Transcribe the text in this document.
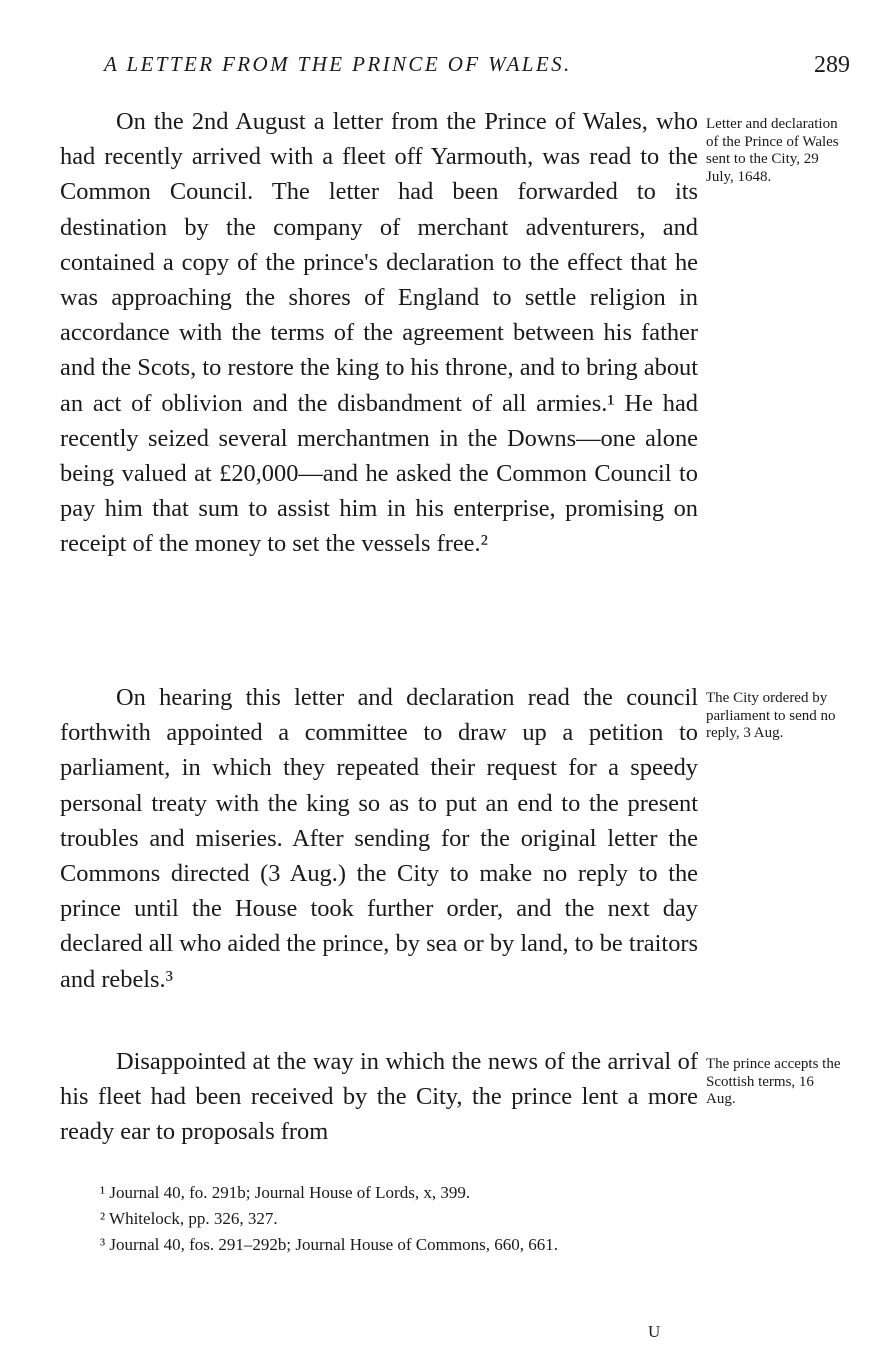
A LETTER FROM THE PRINCE OF WALES.	289

On the 2nd August a letter from the Prince of Wales, who had recently arrived with a fleet off Yarmouth, was read to the Common Council. The letter had been forwarded to its destination by the company of merchant adventurers, and contained a copy of the prince's declaration to the effect that he was approaching the shores of England to settle religion in accordance with the terms of the agreement between his father and the Scots, to restore the king to his throne, and to bring about an act of oblivion and the disbandment of all armies.¹ He had recently seized several merchantmen in the Downs—one alone being valued at £20,000—and he asked the Common Council to pay him that sum to assist him in his enterprise, promising on receipt of the money to set the vessels free.²

Letter and declaration of the Prince of Wales sent to the City, 29 July, 1648.

On hearing this letter and declaration read the council forthwith appointed a committee to draw up a petition to parliament, in which they repeated their request for a speedy personal treaty with the king so as to put an end to the present troubles and miseries. After sending for the original letter the Commons directed (3 Aug.) the City to make no reply to the prince until the House took further order, and the next day declared all who aided the prince, by sea or by land, to be traitors and rebels.³

The City ordered by parliament to send no reply, 3 Aug.

Disappointed at the way in which the news of the arrival of his fleet had been received by the City, the prince lent a more ready ear to proposals from

The prince accepts the Scottish terms, 16 Aug.

¹ Journal 40, fo. 291b; Journal House of Lords, x, 399.

² Whitelock, pp. 326, 327.

³ Journal 40, fos. 291–292b; Journal House of Commons, 660, 661.

U
